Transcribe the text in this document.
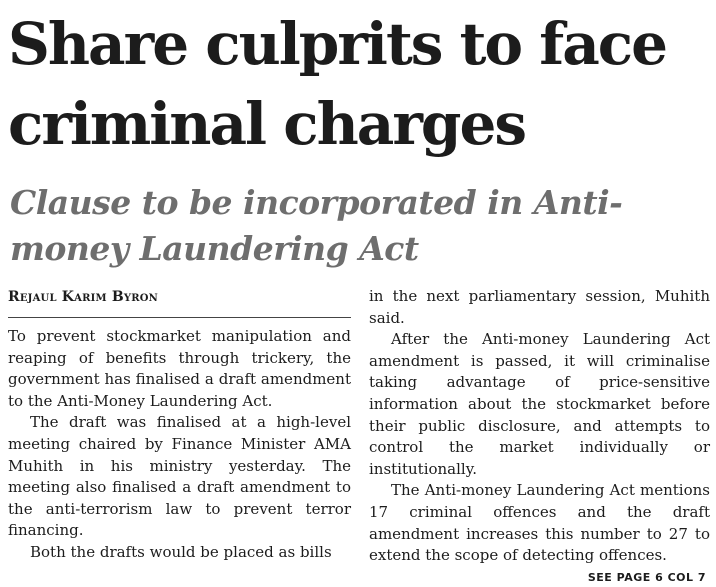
Share culprits to face criminal charges
Clause to be incorporated in Anti-money Laundering Act

Rejaul Karim Byron

To prevent stockmarket manipulation and reaping of benefits through trickery, the government has finalised a draft amendment to the Anti-Money Laundering Act.

The draft was finalised at a high-level meeting chaired by Finance Minister AMA Muhith in his ministry yesterday. The meeting also finalised a draft amendment to the anti-terrorism law to prevent terror financing.

Both the drafts would be placed as bills

in the next parliamentary session, Muhith said.

After the Anti-money Laundering Act amendment is passed, it will criminalise taking advantage of price-sensitive information about the stockmarket before their public disclosure, and attempts to control the market individually or institutionally.

The Anti-money Laundering Act mentions 17 criminal offences and the draft amendment increases this number to 27 to extend the scope of detecting offences.

SEE PAGE 6 COL 7
